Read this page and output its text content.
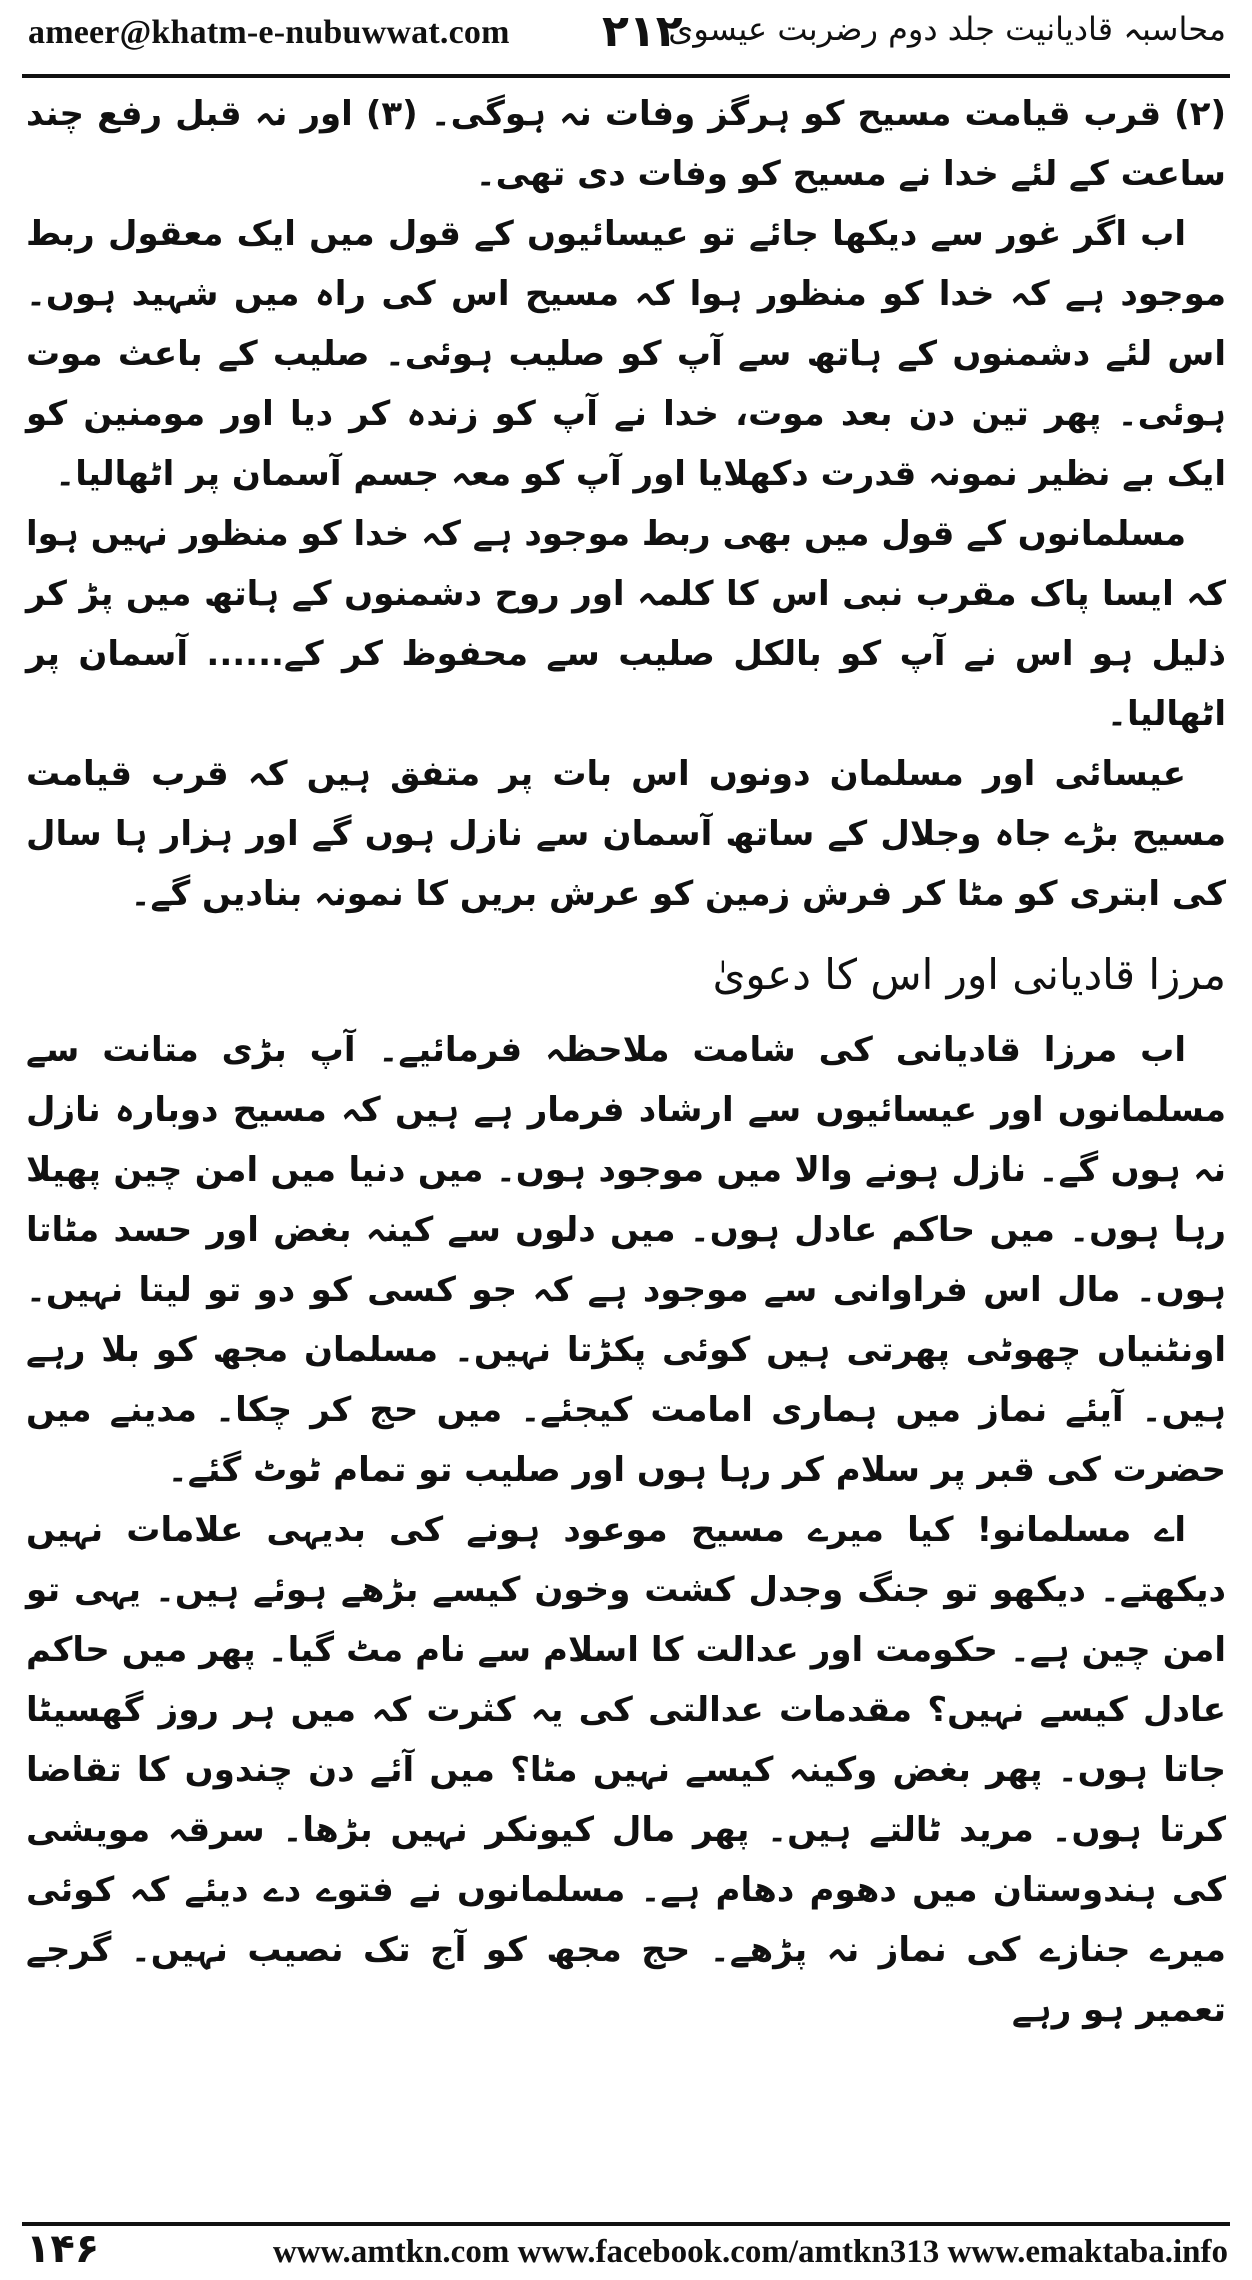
ameer@khatm-e-nubuwwat.com ۲۱۲
محاسبہ قادیانیت جلد دوم رضربت عیسوی

(۲) قرب قیامت مسیح کو ہرگز وفات نہ ہوگی۔ (۳) اور نہ قبل رفع چند ساعت کے لئے خدا نے مسیح کو وفات دی تھی۔

اب اگر غور سے دیکھا جائے تو عیسائیوں کے قول میں ایک معقول ربط موجود ہے کہ خدا کو منظور ہوا کہ مسیح اس کی راہ میں شہید ہوں۔ اس لئے دشمنوں کے ہاتھ سے آپ کو صلیب ہوئی۔ صلیب کے باعث موت ہوئی۔ پھر تین دن بعد موت، خدا نے آپ کو زندہ کر دیا اور مومنین کو ایک بے نظیر نمونہ قدرت دکھلایا اور آپ کو معہ جسم آسمان پر اٹھالیا۔

مسلمانوں کے قول میں بھی ربط موجود ہے کہ خدا کو منظور نہیں ہوا کہ ایسا پاک مقرب نبی اس کا کلمہ اور روح دشمنوں کے ہاتھ میں پڑ کر ذلیل ہو اس نے آپ کو بالکل صلیب سے محفوظ کر کے...... آسمان پر اٹھالیا۔

عیسائی اور مسلمان دونوں اس بات پر متفق ہیں کہ قرب قیامت مسیح بڑے جاہ وجلال کے ساتھ آسمان سے نازل ہوں گے اور ہزار ہا سال کی ابتری کو مٹا کر فرش زمین کو عرش بریں کا نمونہ بنادیں گے۔

مرزا قادیانی اور اس کا دعویٰ

اب مرزا قادیانی کی شامت ملاحظہ فرمائیے۔ آپ بڑی متانت سے مسلمانوں اور عیسائیوں سے ارشاد فرمار ہے ہیں کہ مسیح دوبارہ نازل نہ ہوں گے۔ نازل ہونے والا میں موجود ہوں۔ میں دنیا میں امن چین پھیلا رہا ہوں۔ میں حاکم عادل ہوں۔ میں دلوں سے کینہ بغض اور حسد مٹاتا ہوں۔ مال اس فراوانی سے موجود ہے کہ جو کسی کو دو تو لیتا نہیں۔ اونٹنیاں چھوٹی پھرتی ہیں کوئی پکڑتا نہیں۔ مسلمان مجھ کو بلا رہے ہیں۔ آیئے نماز میں ہماری امامت کیجئے۔ میں حج کر چکا۔ مدینے میں حضرت کی قبر پر سلام کر رہا ہوں اور صلیب تو تمام ٹوٹ گئے۔

اے مسلمانو! کیا میرے مسیح موعود ہونے کی بدیہی علامات نہیں دیکھتے۔ دیکھو تو جنگ وجدل کشت وخون کیسے بڑھے ہوئے ہیں۔ یہی تو امن چین ہے۔ حکومت اور عدالت کا اسلام سے نام مٹ گیا۔ پھر میں حاکم عادل کیسے نہیں؟ مقدمات عدالتی کی یہ کثرت کہ میں ہر روز گھسیٹا جاتا ہوں۔ پھر بغض وکینہ کیسے نہیں مٹا؟ میں آئے دن چندوں کا تقاضا کرتا ہوں۔ مرید ٹالتے ہیں۔ پھر مال کیونکر نہیں بڑھا۔ سرقہ مویشی کی ہندوستان میں دھوم دھام ہے۔ مسلمانوں نے فتوے دے دیئے کہ کوئی میرے جنازے کی نماز نہ پڑھے۔ حج مجھ کو آج تک نصیب نہیں۔ گرجے تعمیر ہو رہے

۱۴۶	www.amtkn.com www.facebook.com/amtkn313 www.emaktaba.info
